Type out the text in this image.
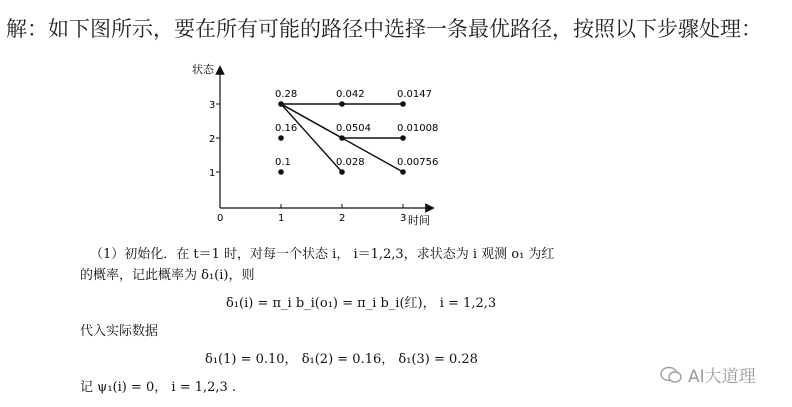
解：如下图所示，要在所有可能的路径中选择一条最优路径，按照以下步骤处理：
状态
时间
0	1	2	3
1
2
3
0.28	0.042	0.0147
0.16	0.0504	0.01008
0.1	0.028	0.00756
（1）初始化．在 t＝1 时，对每一个状态 i， i＝1,2,3，求状态为 i 观测 o₁ 为红
的概率，记此概率为 δ₁(i)，则
δ₁(i) = π_i b_i(o₁) = π_i b_i(红)， i = 1,2,3
代入实际数据
δ₁(1) = 0.10， δ₁(2) = 0.16， δ₁(3) = 0.28
记 ψ₁(i) = 0， i = 1,2,3 .
AI大道理
